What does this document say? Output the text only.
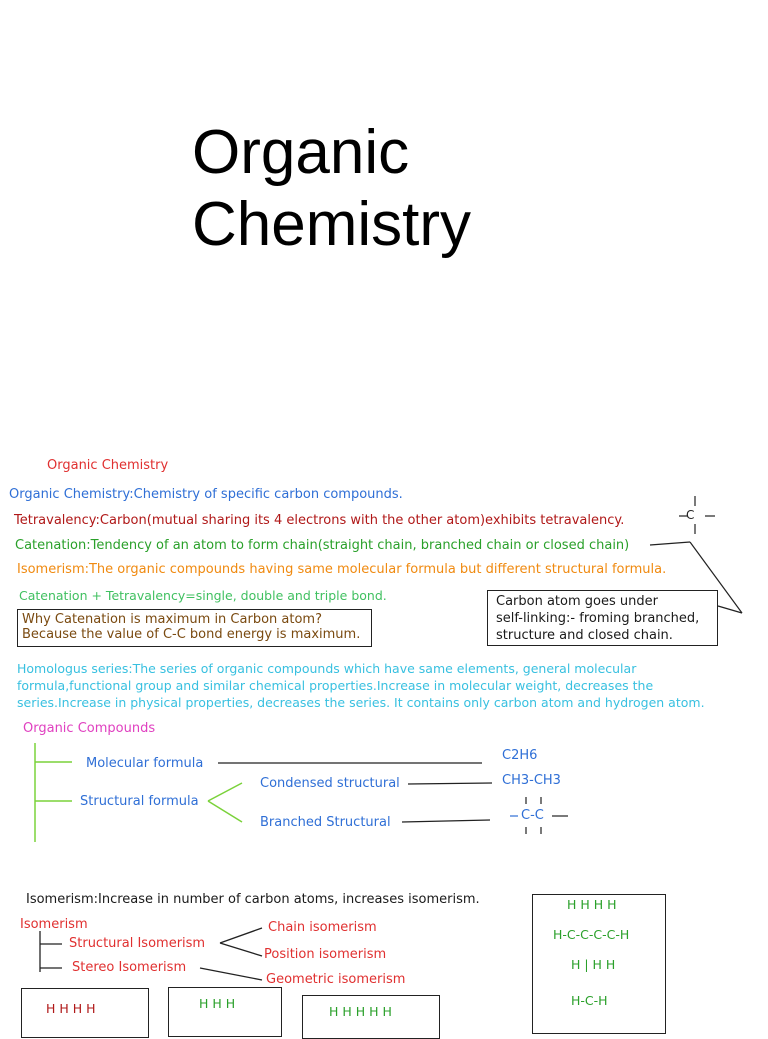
Organic
Chemistry
Organic Chemistry
Organic Chemistry:Chemistry of specific carbon compounds.
Tetravalency:Carbon(mutual sharing its 4 electrons with the other atom)exhibits tetravalency.	C
Catenation:Tendency of an atom to form chain(straight chain, branched chain or closed chain)
Isomerism:The organic compounds having same molecular formula but different structural formula.
Catenation + Tetravalency=single, double and triple bond.
Why Catenation is maximum in Carbon atom?
Because the value of C-C bond energy is maximum.
Carbon atom goes under
self-linking:- froming branched,
structure and closed chain.
Homologus series:The series of organic compounds which have same elements, general molecular
formula,functional group and similar chemical properties.Increase in molecular weight, decreases the
series.Increase in physical properties, decreases the series. It contains only carbon atom and hydrogen atom.
Organic Compounds
Molecular formula
Structural formula
Condensed structural
Branched Structural
C2H6
CH3-CH3
C-C
Isomerism:Increase in number of carbon atoms, increases isomerism.
Isomerism
Structural Isomerism
Stereo Isomerism
Chain isomerism
Position isomerism
Geometric isomerism
H H H H
H-C-C-C-C-H
H | H H
H-C-H
H H H H	H H H
H H H H H
